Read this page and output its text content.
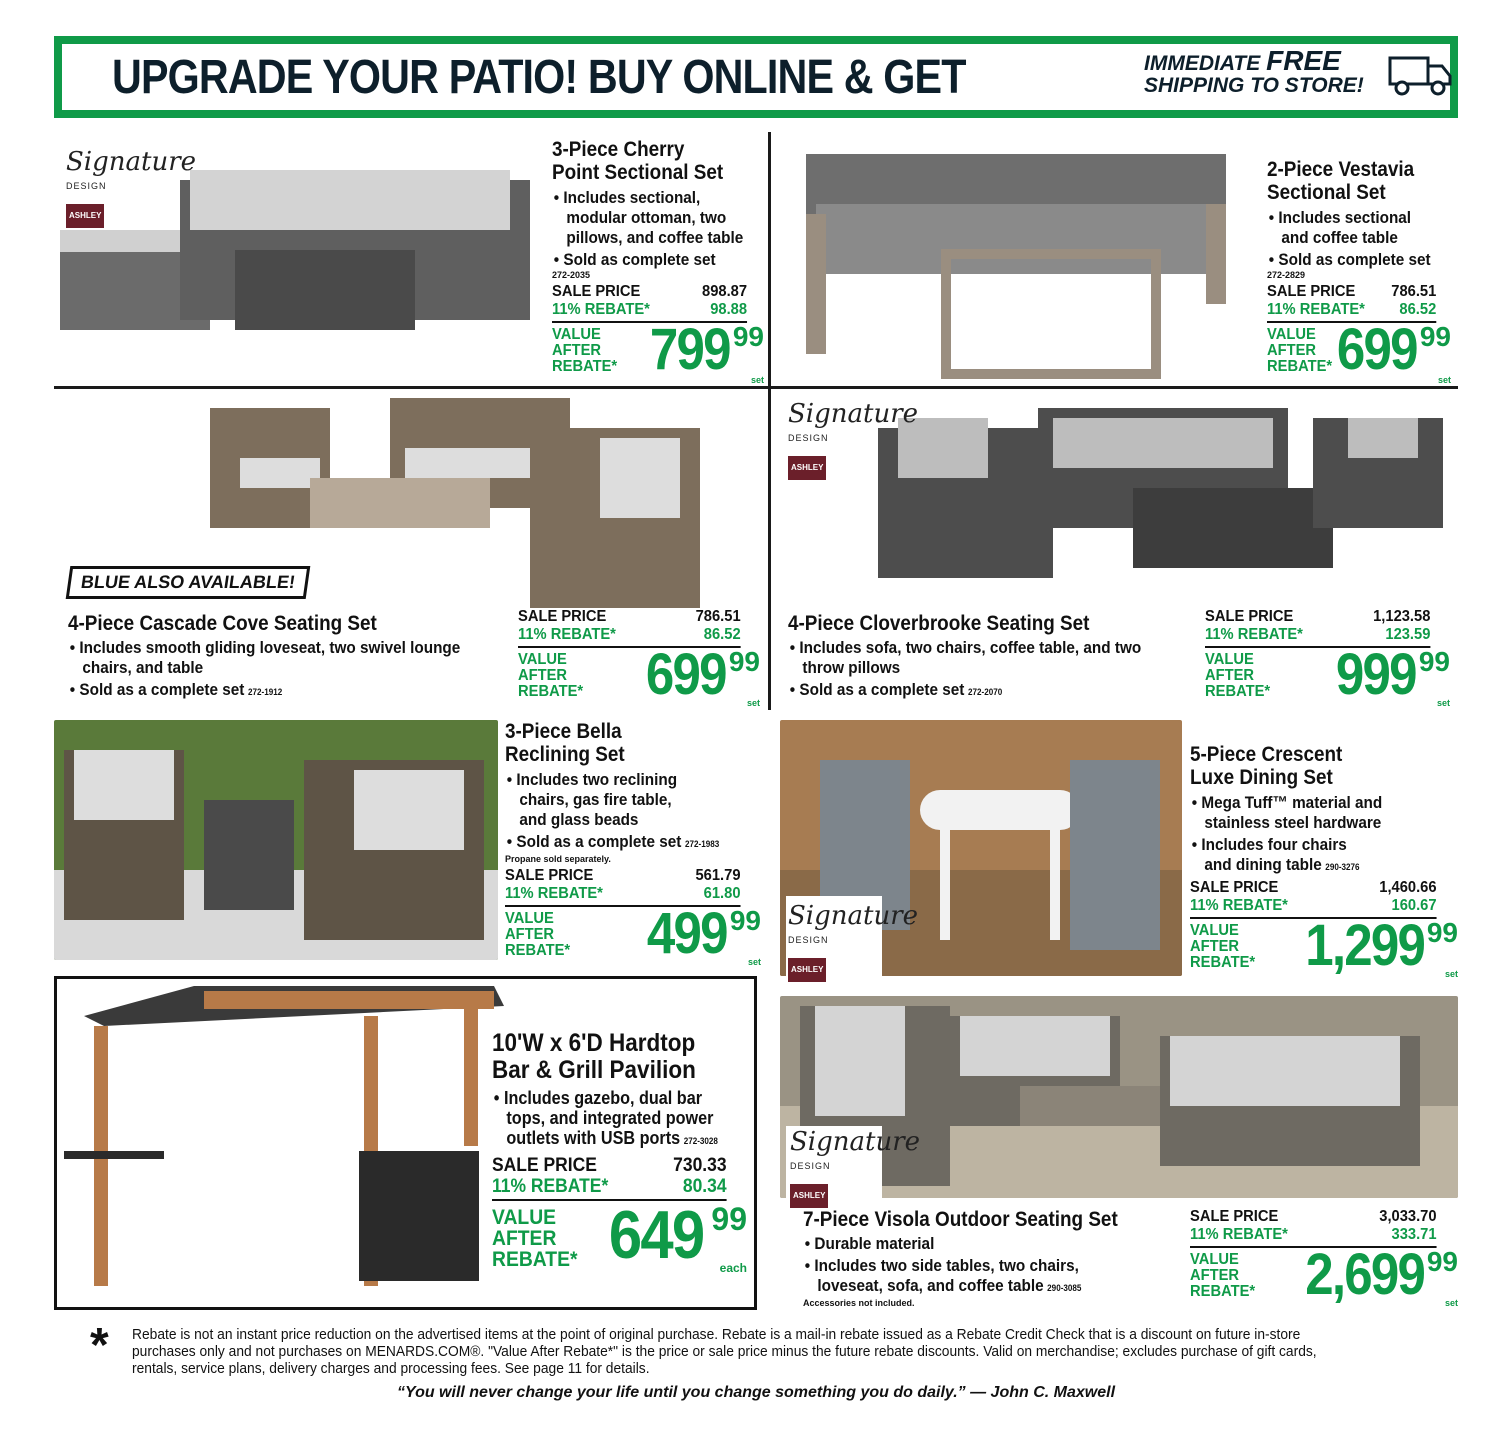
UPGRADE YOUR PATIO! BUY ONLINE & GET	IMMEDIATE FREE
SHIPPING TO STORE!
Signature
DESIGN
ASHLEY
3-Piece Cherry
Point Sectional Set
• Includes sectional,
modular ottoman, two
pillows, and coffee table
• Sold as complete set
272-2035
SALE PRICE	898.87
11% REBATE*	98.88
VALUE
AFTER
REBATE* 799 99
set
2-Piece Vestavia
Sectional Set
• Includes sectional
and coffee table
• Sold as complete set
272-2829
SALE PRICE 786.51
11% REBATE* 86.52
VALUE
AFTER
REBATE* 699 99
set
BLUE ALSO AVAILABLE!
4-Piece Cascade Cove Seating Set
• Includes smooth gliding loveseat, two swivel lounge
chairs, and table
• Sold as a complete set 272-1912
SALE PRICE	786.51
11% REBATE*	86.52
VALUE
AFTER
REBATE*	699 99
set
Signature
DESIGN
ASHLEY
4-Piece Cloverbrooke Seating Set
• Includes sofa, two chairs, coffee table, and two
throw pillows
• Sold as a complete set 272-2070
SALE PRICE	1,123.58
11% REBATE*	123.59
VALUE
AFTER
REBATE*	999 99
set
3-Piece Bella
Reclining Set
• Includes two reclining
chairs, gas fire table,
and glass beads
• Sold as a complete set 272-1983
Propane sold separately.
SALE PRICE	561.79
11% REBATE*	61.80
VALUE
AFTER
REBATE*	499 99
set
Signature
DESIGN
ASHLEY
5-Piece Crescent
Luxe Dining Set
• Mega Tuff™ material and
stainless steel hardware
• Includes four chairs
and dining table 290-3276
SALE PRICE	1,460.66
11% REBATE*	160.67
VALUE
AFTER
REBATE* 1,299 99
set
10'W x 6'D Hardtop
Bar & Grill Pavilion
• Includes gazebo, dual bar
tops, and integrated power
outlets with USB ports 272-3028
SALE PRICE	730.33
11% REBATE*	80.34
VALUE
AFTER
REBATE* 649 99
each
Signature
DESIGN
ASHLEY
7-Piece Visola Outdoor Seating Set
• Durable material
• Includes two side tables, two chairs,
loveseat, sofa, and coffee table 290-3085
Accessories not included.
SALE PRICE	3,033.70
11% REBATE*	333.71
VALUE
AFTER
REBATE* 2,699 99
set
* Rebate is not an instant price reduction on the advertised items at the point of original purchase. Rebate is a mail-in rebate issued as a Rebate Credit Check that is a discount on future in-store purchases only and not purchases on MENARDS.COM®. "Value After Rebate*" is the price or sale price minus the future rebate discounts. Valid on merchandise; excludes purchase of gift cards, rentals, service plans, delivery charges and processing fees. See page 11 for details.
“You will never change your life until you change something you do daily.” — John C. Maxwell
